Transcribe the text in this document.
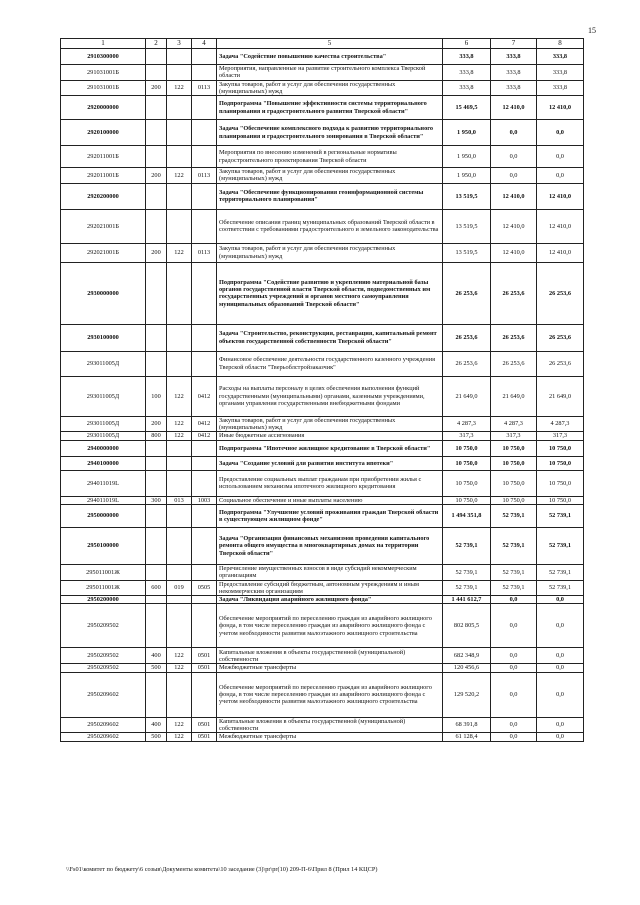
15
1	2	3	4	5	6	7	8
2910300000				Задача "Содействие повышению качества строительства"	333,8	333,8	333,8
291031001Б				Мероприятия, направленные на развитие строительного комплекса Тверской области	333,8	333,8	333,8
291031001Б	200	122	0113	Закупка товаров, работ и услуг для обеспечения государственных (муниципальных) нужд	333,8	333,8	333,8
2920000000				Подпрограмма "Повышение эффективности системы территориального планирования и градостроительного развития Тверской области"	15 469,5	12 410,0	12 410,0
2920100000				Задача "Обеспечение комплексного подхода к развитию территориального планирования и градостроительного зонирования в Тверской области"	1 950,0	0,0	0,0
292011001Б				Мероприятия по внесению изменений в региональные нормативы градостроительного проектирования Тверской области	1 950,0	0,0	0,0
292011001Б	200	122	0113	Закупка товаров, работ и услуг для обеспечения государственных (муниципальных) нужд	1 950,0	0,0	0,0
2920200000				Задача "Обеспечение функционирования геоинформационной системы территориального планирования"	13 519,5	12 410,0	12 410,0
292021001Б				Обеспечение описания границ муниципальных образований Тверской области в соответствии с требованиями градостроительного и земельного законодательства	13 519,5	12 410,0	12 410,0
292021001Б	200	122	0113	Закупка товаров, работ и услуг для обеспечения государственных (муниципальных) нужд	13 519,5	12 410,0	12 410,0
2930000000				Подпрограмма "Содействие развитию и укреплению материальной базы органов государственной власти Тверской области, подведомственных им государственных учреждений и органов местного самоуправления муниципальных образований Тверской области"	26 253,6	26 253,6	26 253,6
2930100000				Задача "Строительство, реконструкция, реставрация, капитальный ремонт объектов государственной собственности Тверской области"	26 253,6	26 253,6	26 253,6
293011005Д				Финансовое обеспечение деятельности государственного казенного учреждения Тверской области "Тверьоблстройзаказчик"	26 253,6	26 253,6	26 253,6
293011005Д	100	122	0412	Расходы на выплаты персоналу в целях обеспечения выполнения функций государственными (муниципальными) органами, казенными учреждениями, органами управления государственными внебюджетными фондами	21 649,0	21 649,0	21 649,0
293011005Д	200	122	0412	Закупка товаров, работ и услуг для обеспечения государственных (муниципальных) нужд	4 287,3	4 287,3	4 287,3
293011005Д	800	122	0412	Иные бюджетные ассигнования	317,3	317,3	317,3
2940000000				Подпрограмма "Ипотечное жилищное кредитование в Тверской области"	10 750,0	10 750,0	10 750,0
2940100000				Задача "Создание условий для развития института ипотеки"	10 750,0	10 750,0	10 750,0
294011019L				Предоставление социальных выплат гражданам при приобретении жилья с использованием механизма ипотечного жилищного кредитования	10 750,0	10 750,0	10 750,0
294011019L	300	013	1003	Социальное обеспечение и иные выплаты населению	10 750,0	10 750,0	10 750,0
2950000000				Подпрограмма "Улучшение условий проживания граждан Тверской области в существующем жилищном фонде"	1 494 351,8	52 739,1	52 739,1
2950100000				Задача "Организация финансовых механизмов проведения капитального ремонта общего имущества в многоквартирных домах на территории Тверской области"	52 739,1	52 739,1	52 739,1
295011001Ж				Перечисление имущественных взносов в виде субсидий некоммерческим организациям	52 739,1	52 739,1	52 739,1
295011001Ж	600	019	0505	Предоставление субсидий бюджетным, автономным учреждениям и иным некоммерческим организациям	52 739,1	52 739,1	52 739,1
2950200000				Задача "Ликвидация аварийного жилищного фонда"	1 441 612,7	0,0	0,0
2950209502				Обеспечение мероприятий по переселению граждан из аварийного жилищного фонда, в том числе переселению граждан из аварийного жилищного фонда с учетом необходимости развития малоэтажного жилищного строительства	802 805,5	0,0	0,0
2950209502	400	122	0501	Капитальные вложения в объекты государственной (муниципальной) собственности	682 348,9	0,0	0,0
2950209502	500	122	0501	Межбюджетные трансферты	120 456,6	0,0	0,0
2950209602				Обеспечение мероприятий по переселению граждан из аварийного жилищного фонда, в том числе переселению граждан из аварийного жилищного фонда с учетом необходимости развития малоэтажного жилищного строительства	129 520,2	0,0	0,0
2950209602	400	122	0501	Капитальные вложения в объекты государственной (муниципальной) собственности	68 391,8	0,0	0,0
2950209602	500	122	0501	Межбюджетные трансферты	61 128,4	0,0	0,0
\\Fs01\комитет по бюджету\6 созыв\Документы комитета\10 заседание (3)\pr\pr(10) 209-П-6\Прил 8 (Прил 14 КЦСР)
